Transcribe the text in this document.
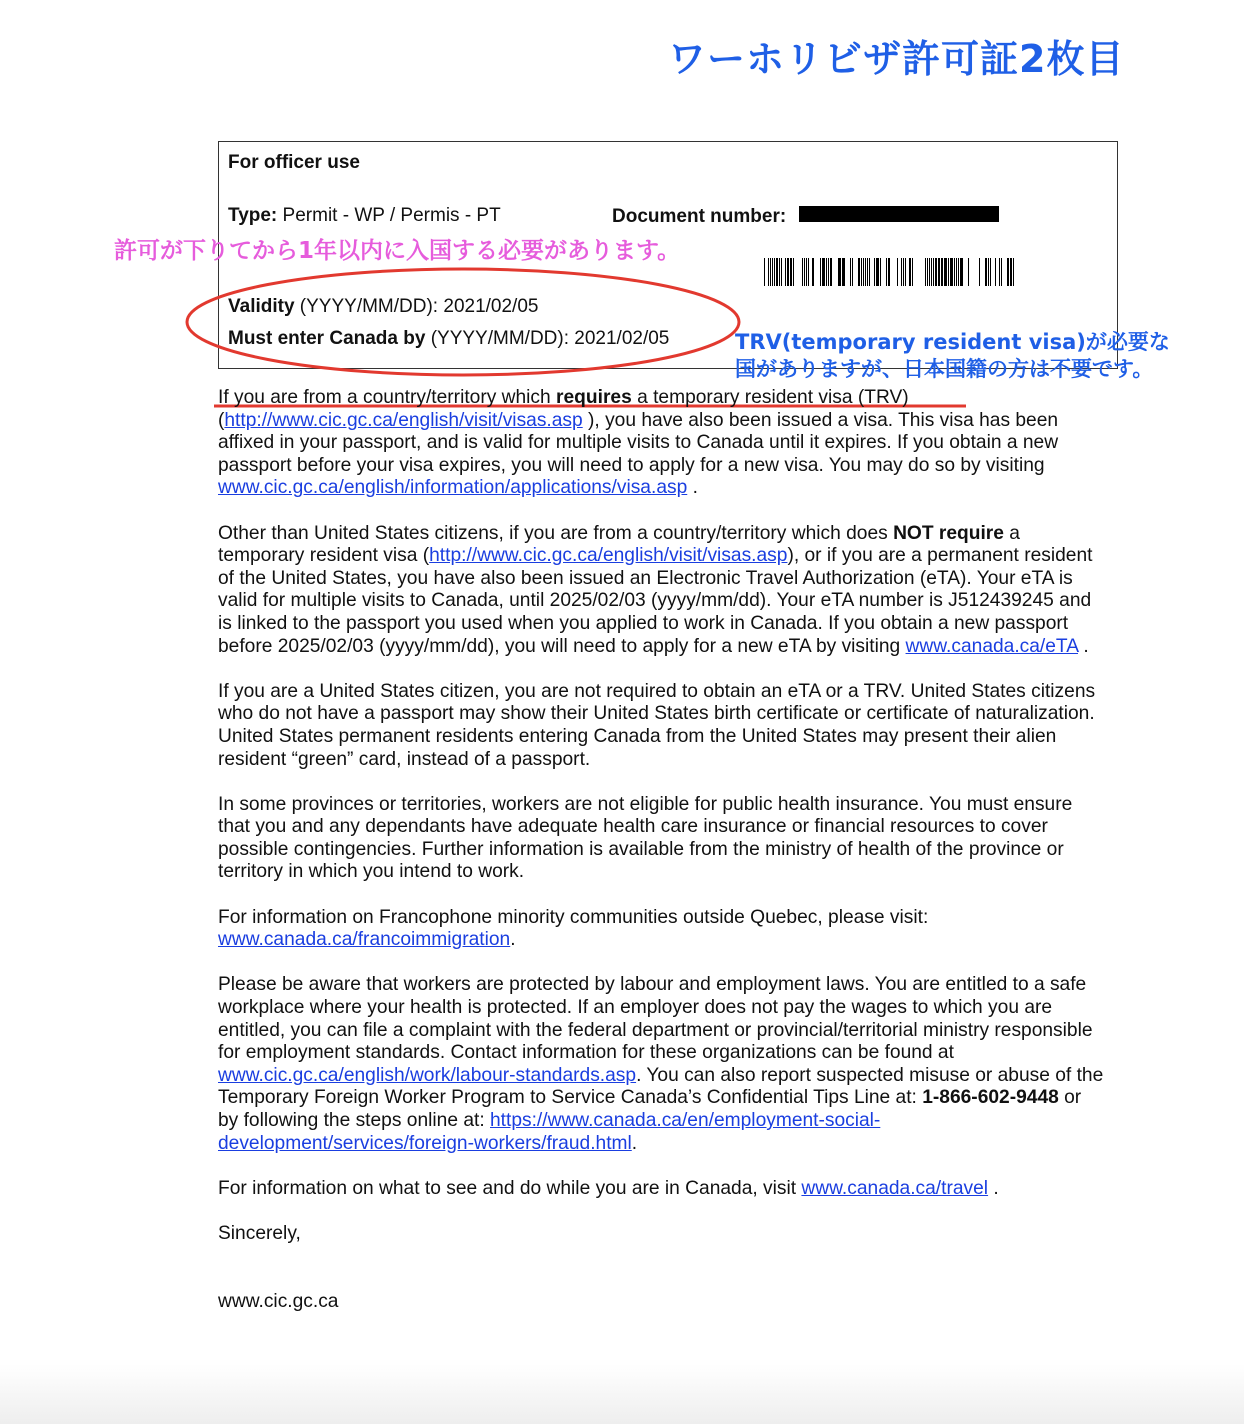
ワーホリビザ許可証2枚目
For officer use
Type: Permit - WP / Permis - PT	Document number:
Validity (YYYY/MM/DD): 2021/02/05
Must enter Canada by (YYYY/MM/DD): 2021/02/05
許可が下りてから1年以内に入国する必要があります。
TRV(temporary resident visa)が必要な
国がありますが、日本国籍の方は不要です。

If you are from a country/territory which requires a temporary resident visa (TRV) (http://www.cic.gc.ca/english/visit/visas.asp ), you have also been issued a visa. This visa has been affixed in your passport, and is valid for multiple visits to Canada until it expires. If you obtain a new passport before your visa expires, you will need to apply for a new visa. You may do so by visiting www.cic.gc.ca/english/information/applications/visa.asp .

Other than United States citizens, if you are from a country/territory which does NOT require a temporary resident visa (http://www.cic.gc.ca/english/visit/visas.asp), or if you are a permanent resident of the United States, you have also been issued an Electronic Travel Authorization (eTA). Your eTA is valid for multiple visits to Canada, until 2025/02/03 (yyyy/mm/dd). Your eTA number is J512439245 and is linked to the passport you used when you applied to work in Canada. If you obtain a new passport before 2025/02/03 (yyyy/mm/dd), you will need to apply for a new eTA by visiting www.canada.ca/eTA .

If you are a United States citizen, you are not required to obtain an eTA or a TRV. United States citizens who do not have a passport may show their United States birth certificate or certificate of naturalization. United States permanent residents entering Canada from the United States may present their alien resident “green” card, instead of a passport.

In some provinces or territories, workers are not eligible for public health insurance. You must ensure that you and any dependants have adequate health care insurance or financial resources to cover possible contingencies. Further information is available from the ministry of health of the province or territory in which you intend to work.

For information on Francophone minority communities outside Quebec, please visit: www.canada.ca/francoimmigration.

Please be aware that workers are protected by labour and employment laws. You are entitled to a safe workplace where your health is protected. If an employer does not pay the wages to which you are entitled, you can file a complaint with the federal department or provincial/territorial ministry responsible for employment standards. Contact information for these organizations can be found at www.cic.gc.ca/english/work/labour-standards.asp. You can also report suspected misuse or abuse of the Temporary Foreign Worker Program to Service Canada’s Confidential Tips Line at: 1-866-602-9448 or by following the steps online at: https://www.canada.ca/en/employment-social-development/services/foreign-workers/fraud.html.

For information on what to see and do while you are in Canada, visit www.canada.ca/travel .

Sincerely,

www.cic.gc.ca
